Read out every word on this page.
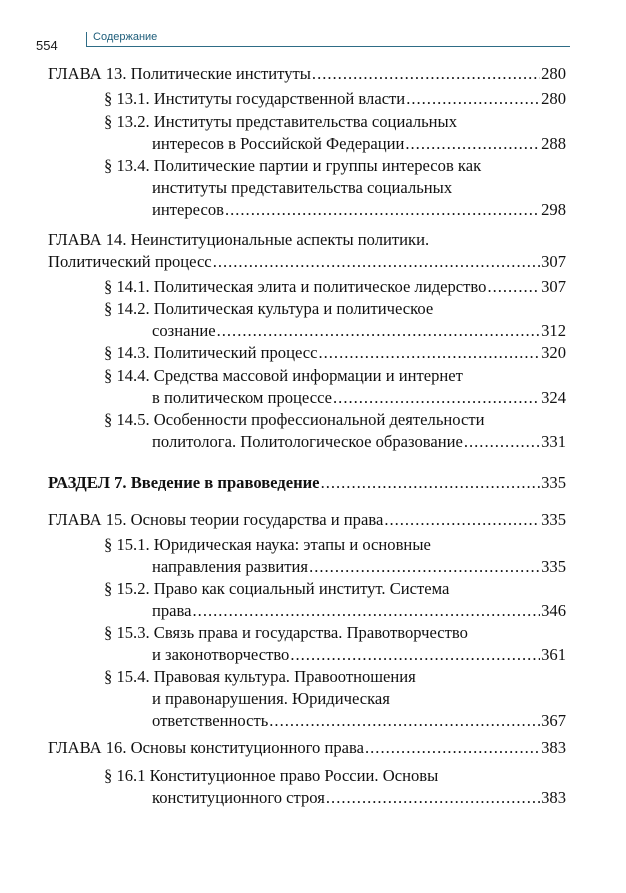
554
Содержание
ГЛАВА 13. Политические институты .....	280
§ 13.1. Институты государственной власти .....	280
§ 13.2. Институты представительства социальных
интересов в Российской Федерации .....	288
§ 13.4. Политические партии и группы интересов как
институты представительства социальных
интересов .....	298
ГЛАВА 14. Неинституциональные аспекты политики.
Политический процесс .....	307
§ 14.1. Политическая элита и политическое лидерство .....	307
§ 14.2. Политическая культура и политическое
сознание .....	312
§ 14.3. Политический процесс .....	320
§ 14.4. Средства массовой информации и интернет
в политическом процессе .....	324
§ 14.5. Особенности профессиональной деятельности
политолога. Политологическое образование .....	331
РАЗДЕЛ 7. Введение в правоведение .....	335
ГЛАВА 15. Основы теории государства и права .....	335
§ 15.1. Юридическая наука: этапы и основные
направления развития .....	335
§ 15.2. Право как социальный институт. Система
права .....	346
§ 15.3. Связь права и государства. Правотворчество
и законотворчество .....	361
§ 15.4. Правовая культура. Правоотношения
и правонарушения. Юридическая
ответственность .....	367
ГЛАВА 16. Основы конституционного права .....	383
§ 16.1 Конституционное право России. Основы
конституционного строя .....	383
